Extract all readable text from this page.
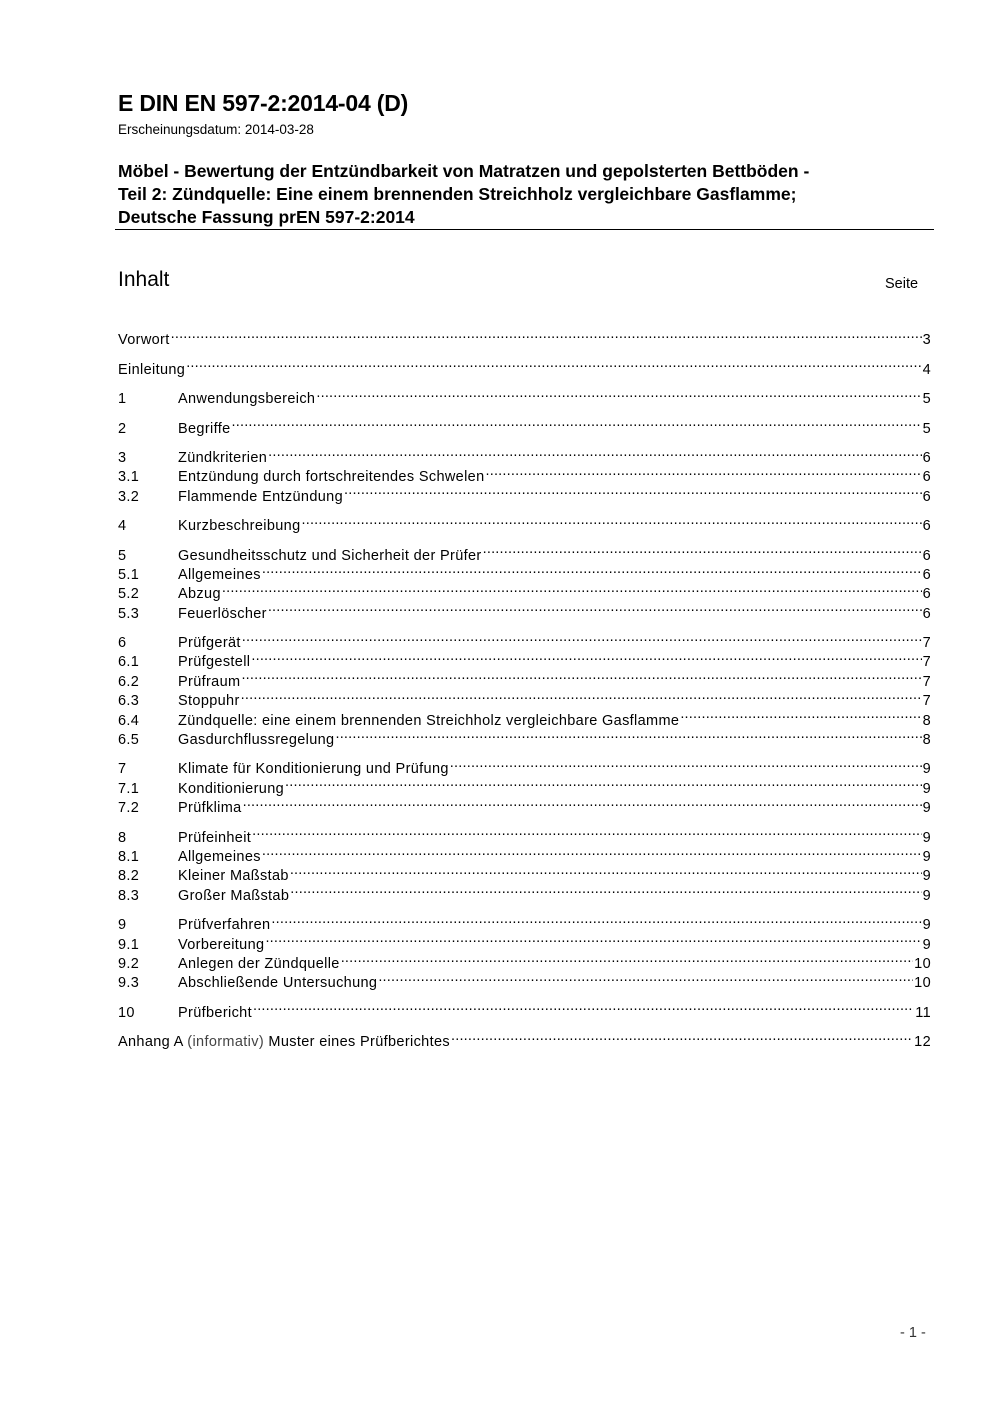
E DIN EN 597-2:2014-04 (D)
Erscheinungsdatum: 2014-03-28
Möbel - Bewertung der Entzündbarkeit von Matratzen und gepolsterten Bettböden -
Teil 2: Zündquelle: Eine einem brennenden Streichholz vergleichbare Gasflamme;
Deutsche Fassung prEN 597-2:2014
Inhalt	Seite
Vorwort .....	3
Einleitung .....	4
1	Anwendungsbereich .....	5
2	Begriffe .....	5
3	Zündkriterien .....	6
3.1	Entzündung durch fortschreitendes Schwelen .....	6
3.2	Flammende Entzündung .....	6
4	Kurzbeschreibung .....	6
5	Gesundheitsschutz und Sicherheit der Prüfer .....	6
5.1	Allgemeines .....	6
5.2	Abzug .....	6
5.3	Feuerlöscher .....	6
6	Prüfgerät .....	7
6.1	Prüfgestell .....	7
6.2	Prüfraum .....	7
6.3	Stoppuhr .....	7
6.4	Zündquelle: eine einem brennenden Streichholz vergleichbare Gasflamme .....	8
6.5	Gasdurchflussregelung .....	8
7	Klimate für Konditionierung und Prüfung .....	9
7.1	Konditionierung .....	9
7.2	Prüfklima .....	9
8	Prüfeinheit .....	9
8.1	Allgemeines .....	9
8.2	Kleiner Maßstab .....	9
8.3	Großer Maßstab .....	9
9	Prüfverfahren .....	9
9.1	Vorbereitung .....	9
9.2	Anlegen der Zündquelle .....	10
9.3	Abschließende Untersuchung .....	10
10	Prüfbericht .....	11
Anhang A (informativ) Muster eines Prüfberichtes .....	12
- 1 -
